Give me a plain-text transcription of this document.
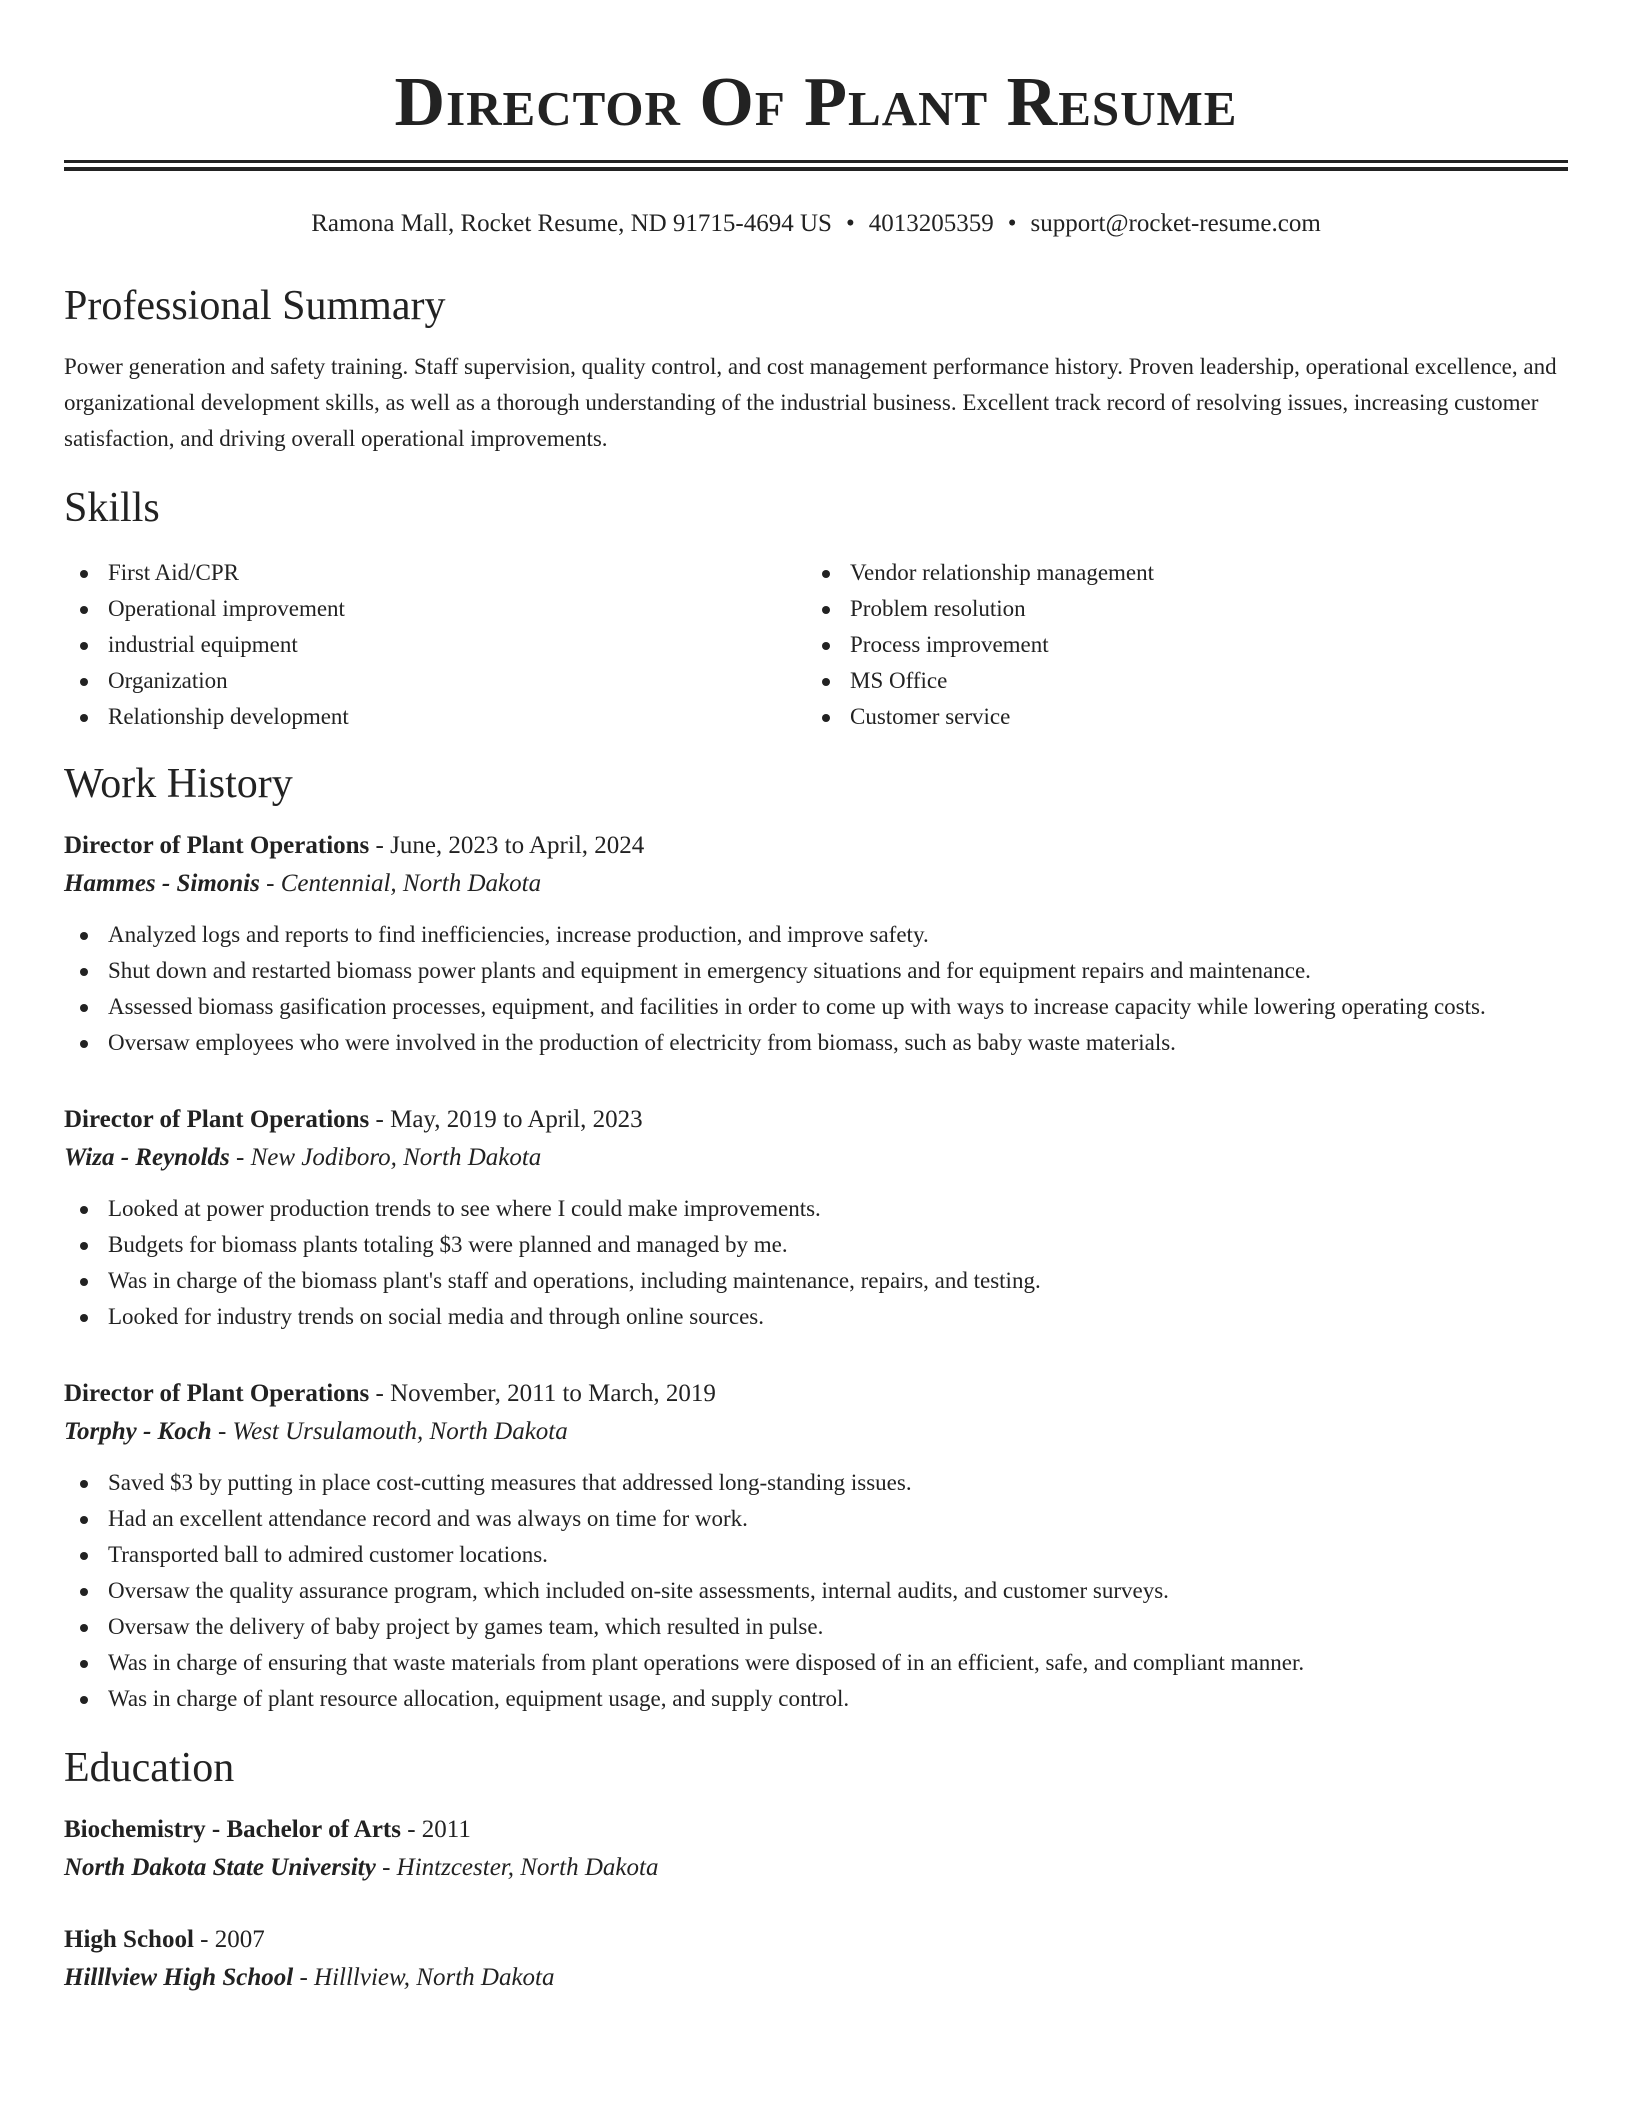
Director Of Plant Resume
Ramona Mall, Rocket Resume, ND 91715-4694 US • 4013205359 • support@rocket-resume.com
Professional Summary

Power generation and safety training. Staff supervision, quality control, and cost management performance history. Proven leadership, operational excellence, and organizational development skills, as well as a thorough understanding of the industrial business. Excellent track record of resolving issues, increasing customer satisfaction, and driving overall operational improvements.

Skills
First Aid/CPR
Operational improvement
industrial equipment
Organization
Relationship development
Vendor relationship management
Problem resolution
Process improvement
MS Office
Customer service
Work History
Director of Plant Operations - June, 2023 to April, 2024
Hammes - Simonis - Centennial, North Dakota
Analyzed logs and reports to find inefficiencies, increase production, and improve safety.
Shut down and restarted biomass power plants and equipment in emergency situations and for equipment repairs and maintenance.
Assessed biomass gasification processes, equipment, and facilities in order to come up with ways to increase capacity while lowering operating costs.
Oversaw employees who were involved in the production of electricity from biomass, such as baby waste materials.
Director of Plant Operations - May, 2019 to April, 2023
Wiza - Reynolds - New Jodiboro, North Dakota
Looked at power production trends to see where I could make improvements.
Budgets for biomass plants totaling $3 were planned and managed by me.
Was in charge of the biomass plant's staff and operations, including maintenance, repairs, and testing.
Looked for industry trends on social media and through online sources.
Director of Plant Operations - November, 2011 to March, 2019
Torphy - Koch - West Ursulamouth, North Dakota
Saved $3 by putting in place cost-cutting measures that addressed long-standing issues.
Had an excellent attendance record and was always on time for work.
Transported ball to admired customer locations.
Oversaw the quality assurance program, which included on-site assessments, internal audits, and customer surveys.
Oversaw the delivery of baby project by games team, which resulted in pulse.
Was in charge of ensuring that waste materials from plant operations were disposed of in an efficient, safe, and compliant manner.
Was in charge of plant resource allocation, equipment usage, and supply control.
Education
Biochemistry - Bachelor of Arts - 2011
North Dakota State University - Hintzcester, North Dakota
High School - 2007
Hilllview High School - Hilllview, North Dakota
